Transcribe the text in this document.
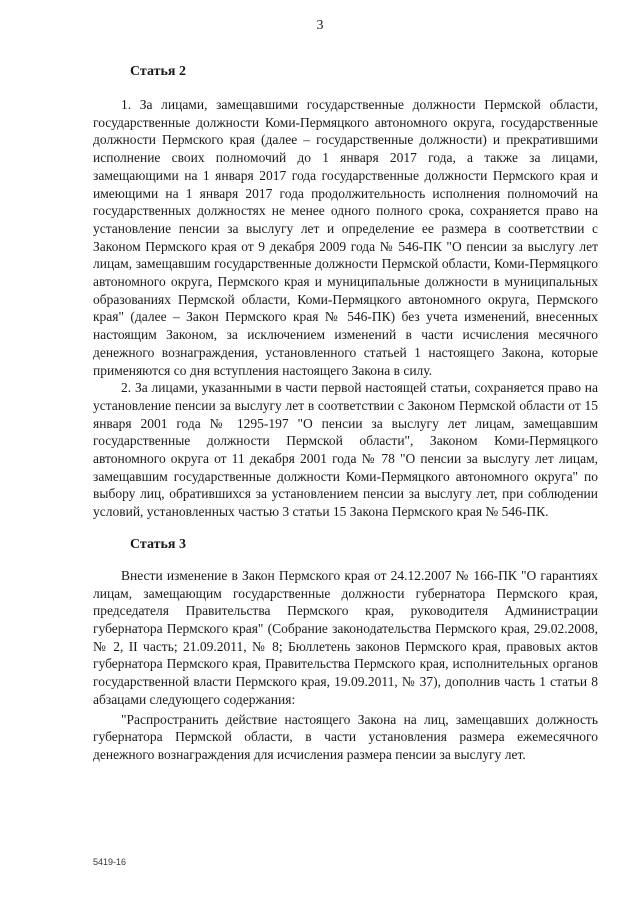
3
Статья 2

1. За лицами, замещавшими государственные должности Пермской области, государственные должности Коми-Пермяцкого автономного округа, государственные должности Пермского края (далее – государственные должности) и прекратившими исполнение своих полномочий до 1 января 2017 года, а также за лицами, замещающими на 1 января 2017 года государственные должности Пермского края и имеющими на 1 января 2017 года продолжительность исполнения полномочий на государственных должностях не менее одного полного срока, сохраняется право на установление пенсии за выслугу лет и определение ее размера в соответствии с Законом Пермского края от 9 декабря 2009 года № 546-ПК "О пенсии за выслугу лет лицам, замещавшим государственные должности Пермской области, Коми-Пермяцкого автономного округа, Пермского края и муниципальные должности в муниципальных образованиях Пермской области, Коми-Пермяцкого автономного округа, Пермского края" (далее – Закон Пермского края № 546-ПК) без учета изменений, внесенных настоящим Законом, за исключением изменений в части исчисления месячного денежного вознаграждения, установленного статьей 1 настоящего Закона, которые применяются со дня вступления настоящего Закона в силу.

2. За лицами, указанными в части первой настоящей статьи, сохраняется право на установление пенсии за выслугу лет в соответствии с Законом Пермской области от 15 января 2001 года № 1295-197 "О пенсии за выслугу лет лицам, замещавшим государственные должности Пермской области", Законом Коми-Пермяцкого автономного округа от 11 декабря 2001 года № 78 "О пенсии за выслугу лет лицам, замещавшим государственные должности Коми-Пермяцкого автономного округа" по выбору лиц, обратившихся за установлением пенсии за выслугу лет, при соблюдении условий, установленных частью 3 статьи 15 Закона Пермского края № 546-ПК.

Статья 3

Внести изменение в Закон Пермского края от 24.12.2007 № 166-ПК "О гарантиях лицам, замещающим государственные должности губернатора Пермского края, председателя Правительства Пермского края, руководителя Администрации губернатора Пермского края" (Собрание законодательства Пермского края, 29.02.2008, № 2, II часть; 21.09.2011, № 8; Бюллетень законов Пермского края, правовых актов губернатора Пермского края, Правительства Пермского края, исполнительных органов государственной власти Пермского края, 19.09.2011, № 37), дополнив часть 1 статьи 8 абзацами следующего содержания:

"Распространить действие настоящего Закона на лиц, замещавших должность губернатора Пермской области, в части установления размера ежемесячного денежного вознаграждения для исчисления размера пенсии за выслугу лет.

5419-16
